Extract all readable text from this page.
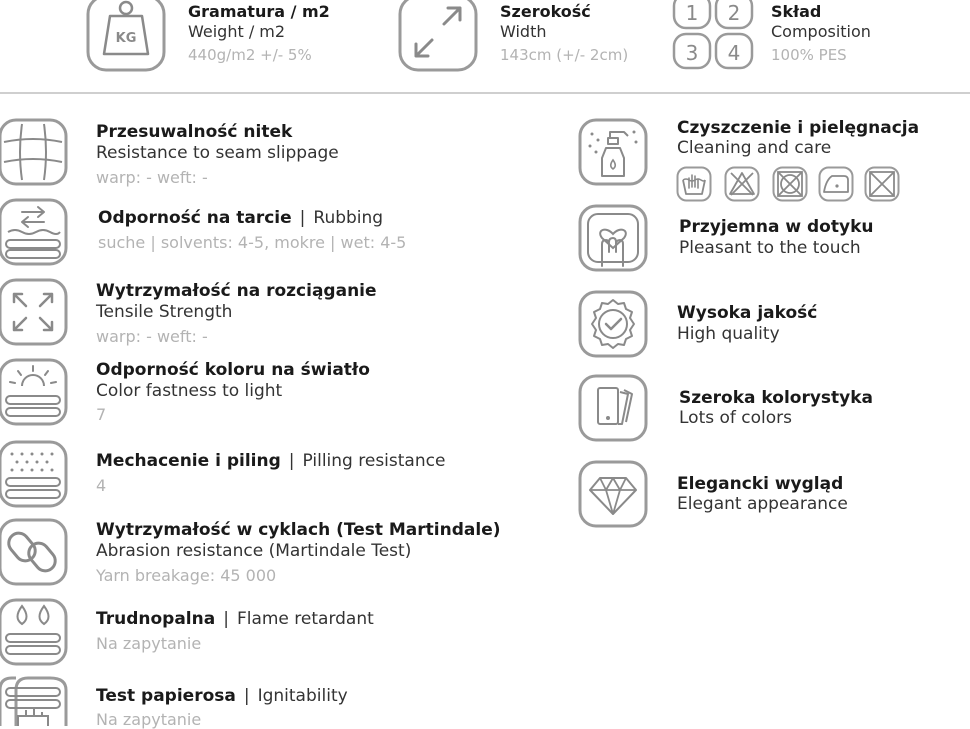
KG
Gramatura / m2
Weight / m2
440g/m2 +/- 5%
Szerokość
Width
143cm (+/- 2cm)
1 2
3 4
Skład
Composition
100% PES
Przesuwalność nitek
Resistance to seam slippage
warp: - weft: -
Odporność na tarcie | Rubbing
suche | solvents: 4-5, mokre | wet: 4-5
Wytrzymałość na rozciąganie
Tensile Strength
warp: - weft: -
Odporność koloru na światło
Color fastness to light
7
Mechacenie i piling | Pilling resistance
4
Wytrzymałość w cyklach (Test Martindale)
Abrasion resistance (Martindale Test)
Yarn breakage: 45 000
Trudnopalna | Flame retardant
Na zapytanie
Test papierosa | Ignitability
Na zapytanie
Czyszczenie i pielęgnacja
Cleaning and care
Przyjemna w dotyku
Pleasant to the touch
Wysoka jakość
High quality
Szeroka kolorystyka
Lots of colors
Elegancki wygląd
Elegant appearance
